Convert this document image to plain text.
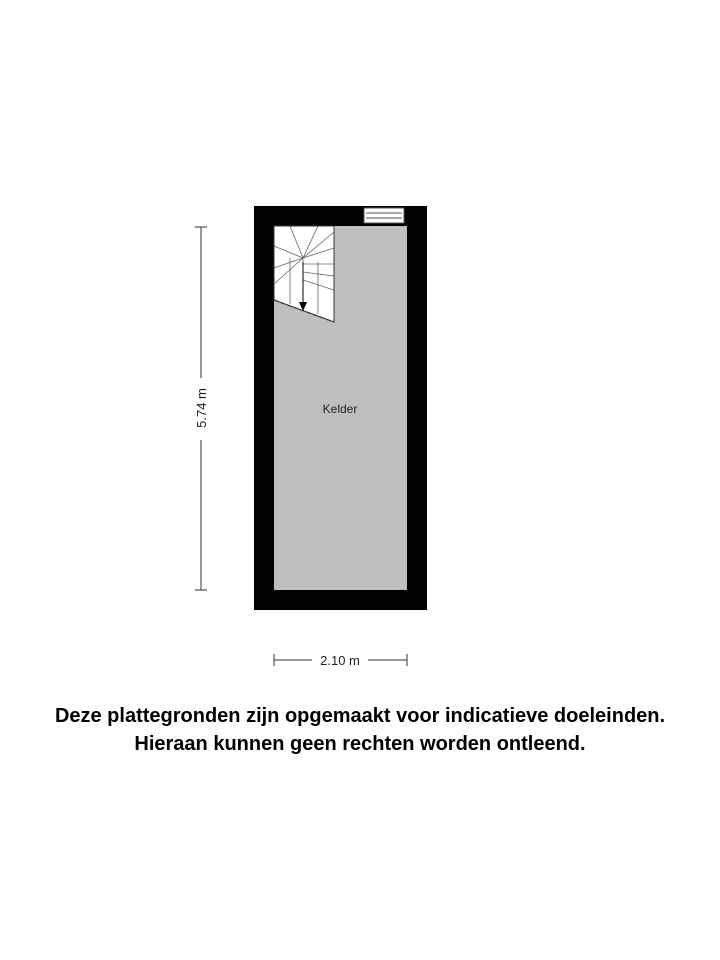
Kelder
5.74 m
2.10 m

Deze plattegronden zijn opgemaakt voor indicatieve doeleinden.

Hieraan kunnen geen rechten worden ontleend.
